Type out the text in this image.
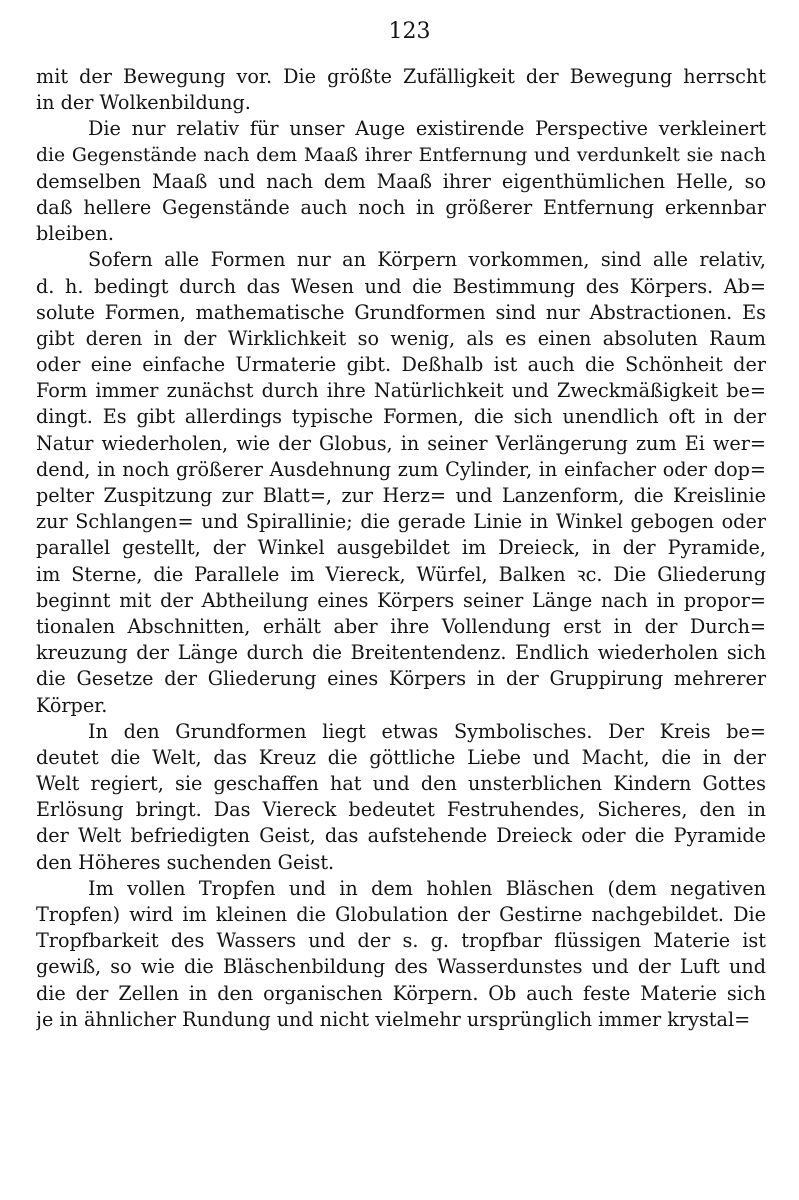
123
mit der Bewegung vor. Die größte Zufälligkeit der Bewegung herrscht
in der Wolkenbildung.
Die nur relativ für unser Auge existirende Perspective verkleinert
die Gegenstände nach dem Maaß ihrer Entfernung und verdunkelt sie nach
demselben Maaß und nach dem Maaß ihrer eigenthümlichen Helle, so
daß hellere Gegenstände auch noch in größerer Entfernung erkennbar
bleiben.
Sofern alle Formen nur an Körpern vorkommen, sind alle relativ,
d. h. bedingt durch das Wesen und die Bestimmung des Körpers. Ab=
solute Formen, mathematische Grundformen sind nur Abstractionen. Es
gibt deren in der Wirklichkeit so wenig, als es einen absoluten Raum
oder eine einfache Urmaterie gibt. Deßhalb ist auch die Schönheit der
Form immer zunächst durch ihre Natürlichkeit und Zweckmäßigkeit be=
dingt. Es gibt allerdings typische Formen, die sich unendlich oft in der
Natur wiederholen, wie der Globus, in seiner Verlängerung zum Ei wer=
dend, in noch größerer Ausdehnung zum Cylinder, in einfacher oder dop=
pelter Zuspitzung zur Blatt=, zur Herz= und Lanzenform, die Kreislinie
zur Schlangen= und Spirallinie; die gerade Linie in Winkel gebogen oder
parallel gestellt, der Winkel ausgebildet im Dreieck, in der Pyramide,
im Sterne, die Parallele im Viereck, Würfel, Balken ꝛc. Die Gliederung
beginnt mit der Abtheilung eines Körpers seiner Länge nach in propor=
tionalen Abschnitten, erhält aber ihre Vollendung erst in der Durch=
kreuzung der Länge durch die Breitentendenz. Endlich wiederholen sich
die Gesetze der Gliederung eines Körpers in der Gruppirung mehrerer
Körper.
In den Grundformen liegt etwas Symbolisches. Der Kreis be=
deutet die Welt, das Kreuz die göttliche Liebe und Macht, die in der
Welt regiert, sie geschaffen hat und den unsterblichen Kindern Gottes
Erlösung bringt. Das Viereck bedeutet Festruhendes, Sicheres, den in
der Welt befriedigten Geist, das aufstehende Dreieck oder die Pyramide
den Höheres suchenden Geist.
Im vollen Tropfen und in dem hohlen Bläschen (dem negativen
Tropfen) wird im kleinen die Globulation der Gestirne nachgebildet. Die
Tropfbarkeit des Wassers und der s. g. tropfbar flüssigen Materie ist
gewiß, so wie die Bläschenbildung des Wasserdunstes und der Luft und
die der Zellen in den organischen Körpern. Ob auch feste Materie sich
je in ähnlicher Rundung und nicht vielmehr ursprünglich immer krystal=
